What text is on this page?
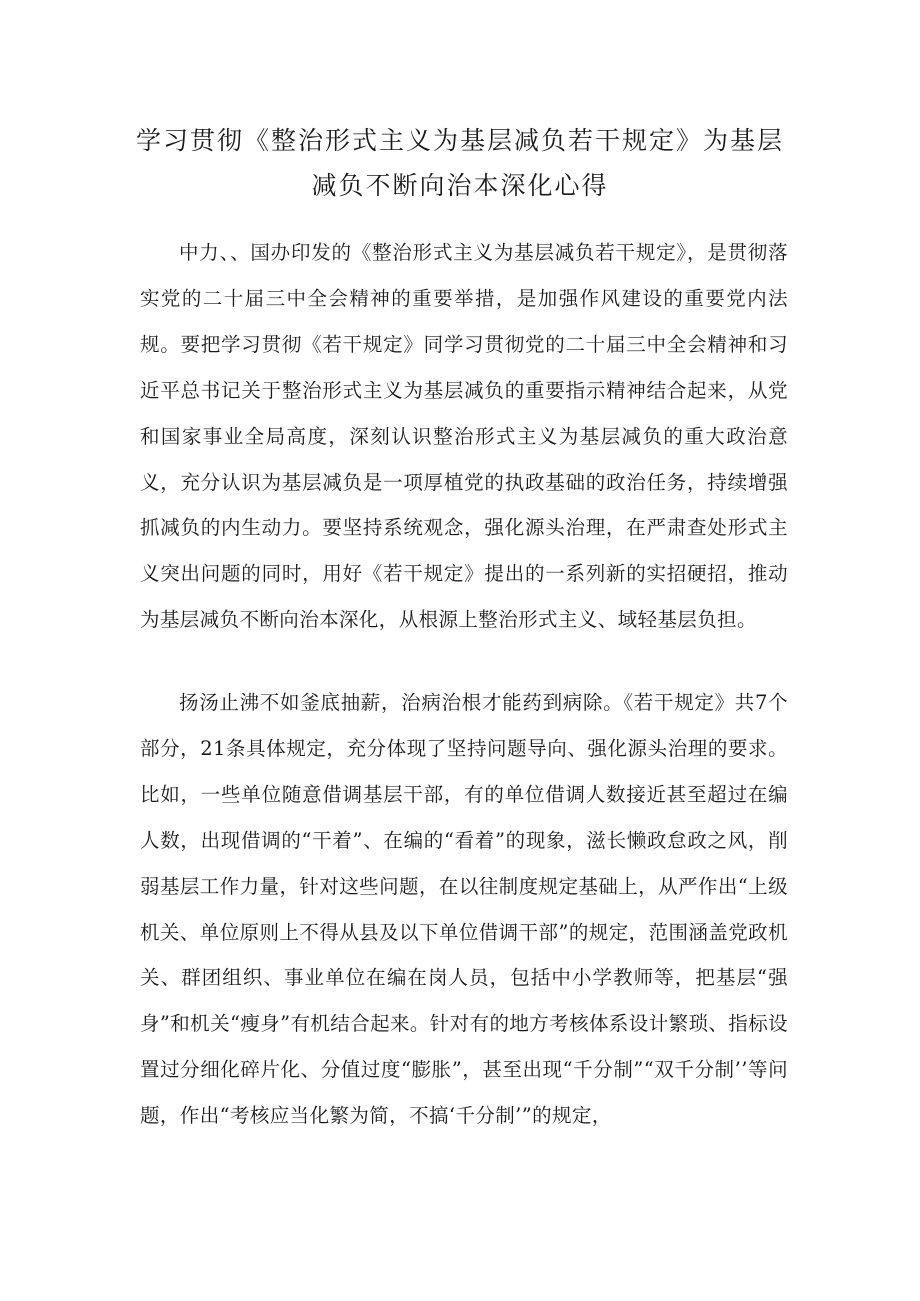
学习贯彻《整治形式主义为基层减负若干规定》为基层减负不断向治本深化心得

中力、、国办印发的《整治形式主义为基层减负若干规定》，是贯彻落实党的二十届三中全会精神的重要举措，是加强作风建设的重要党内法规。要把学习贯彻《若干规定》同学习贯彻党的二十届三中全会精神和习近平总书记关于整治形式主义为基层减负的重要指示精神结合起来，从党和国家事业全局高度，深刻认识整治形式主义为基层减负的重大政治意义，充分认识为基层减负是一项厚植党的执政基础的政治任务，持续增强抓减负的内生动力。要坚持系统观念，强化源头治理，在严肃查处形式主义突出问题的同时，用好《若干规定》提出的一系列新的实招硬招，推动为基层减负不断向治本深化，从根源上整治形式主义、域轻基层负担。

扬汤止沸不如釜底抽薪，治病治根才能药到病除。《若干规定》共7个部分，21条具体规定，充分体现了坚持问题导向、强化源头治理的要求。比如，一些单位随意借调基层干部，有的单位借调人数接近甚至超过在编人数，出现借调的“干着”、在编的“看着”的现象，滋长懒政怠政之风，削弱基层工作力量，针对这些问题，在以往制度规定基础上，从严作出“上级机关、单位原则上不得从县及以下单位借调干部”的规定，范围涵盖党政机关、群团组织、事业单位在编在岗人员，包括中小学教师等，把基层“强身”和机关“瘦身”有机结合起来。针对有的地方考核体系设计繁琐、指标设置过分细化碎片化、分值过度“膨胀”，甚至出现“千分制”“双千分制’’等问题，作出“考核应当化繁为简，不搞‘千分制’”的规定，
